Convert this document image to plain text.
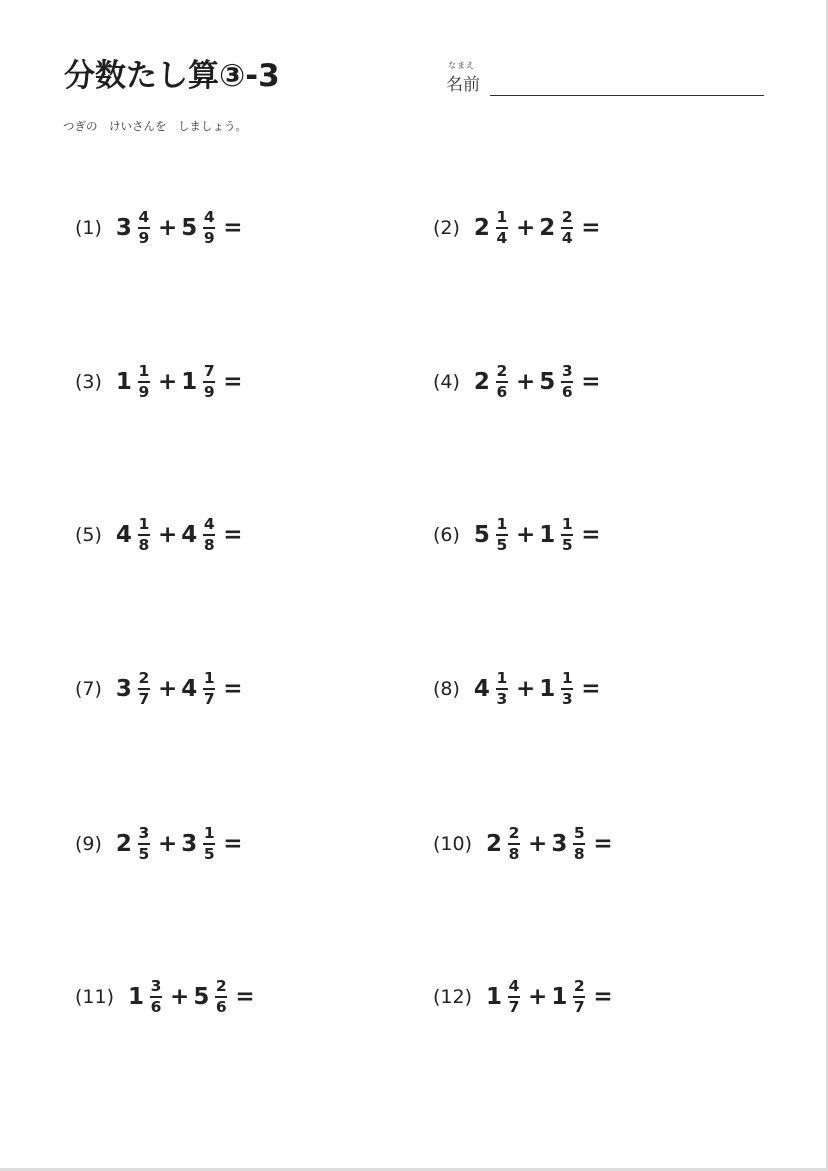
分数たし算③-3	なまえ
名前
つぎの　けいさんを　しましょう。
(1) $3 \frac{4}{9} + 5 \frac{4}{9}$ =	(2) $2 \frac{1}{4} + 2 \frac{2}{4}$ =
(3) $1 \frac{1}{9} + 1 \frac{7}{9}$ =	(4) $2 \frac{2}{6} + 5 \frac{3}{6}$ =
(5) $4 \frac{1}{8} + 4 \frac{4}{8}$ =	(6) $5 \frac{1}{5} + 1 \frac{1}{5}$ =
(7) $3 \frac{2}{7} + 4 \frac{1}{7}$ =	(8) $4 \frac{1}{3} + 1 \frac{1}{3}$ =
(9) $2 \frac{3}{5} + 3 \frac{1}{5}$ =	(10) $2 \frac{2}{8} + 3 \frac{5}{8}$ =
(11) $1 \frac{3}{6} + 5 \frac{2}{6}$ =	(12) $1 \frac{4}{7} + 1 \frac{2}{7}$ =
